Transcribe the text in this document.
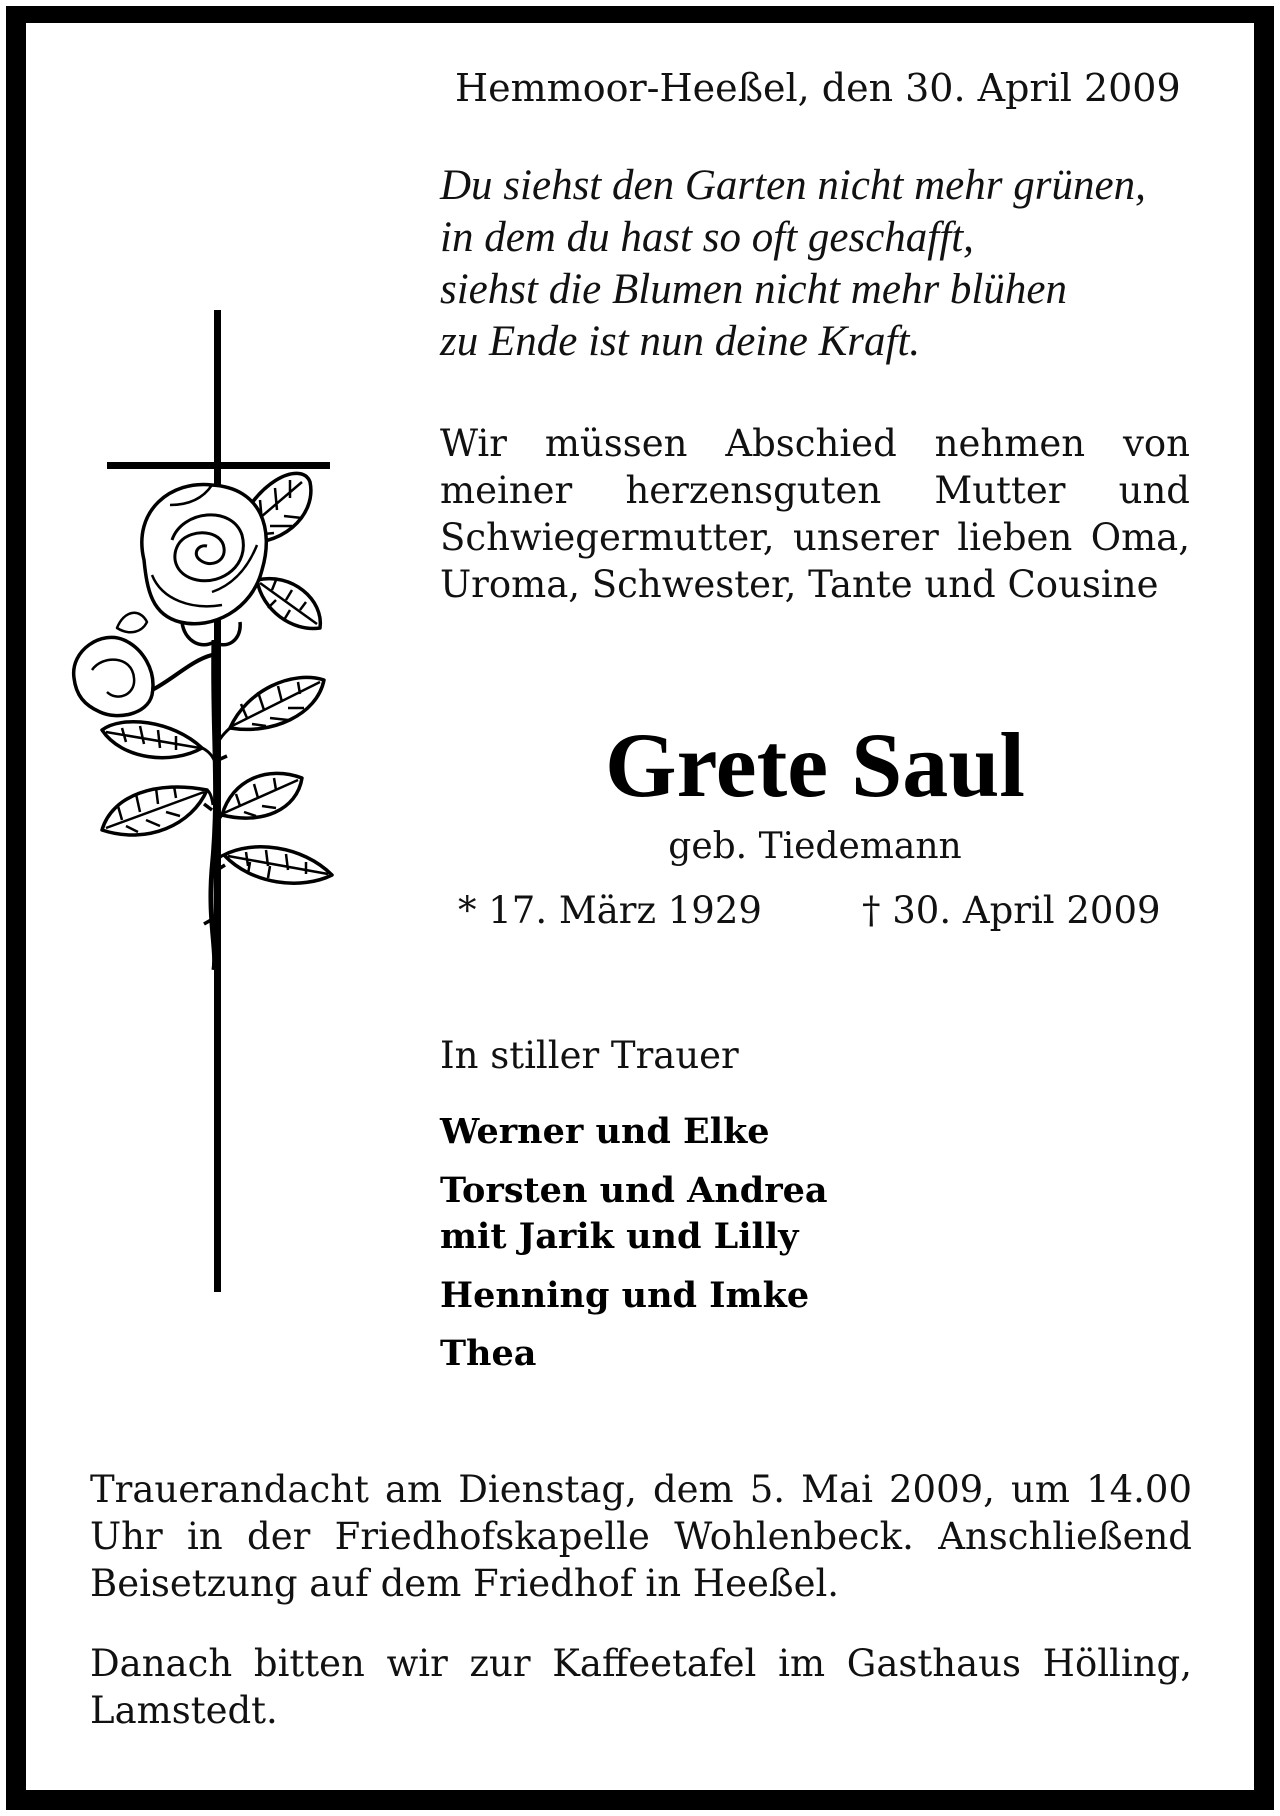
Hemmoor-Heeßel, den 30. April 2009

Du siehst den Garten nicht mehr grünen,
in dem du hast so oft geschafft,
siehst die Blumen nicht mehr blühen
zu Ende ist nun deine Kraft.

Wir müssen Abschied nehmen von meiner herzensguten Mutter und Schwiegermutter, unserer lieben Oma, Uroma, Schwester, Tante und Cousine

Grete Saul

geb. Tiedemann

* 17. März 1929	† 30. April 2009

In stiller Trauer

Werner und Elke

Torsten und Andrea

mit Jarik und Lilly

Henning und Imke

Thea

Trauerandacht am Dienstag, dem 5. Mai 2009, um 14.00 Uhr in der Friedhofskapelle Wohlenbeck. Anschließend Beisetzung auf dem Friedhof in Heeßel.

Danach bitten wir zur Kaffeetafel im Gasthaus Hölling, Lamstedt.
